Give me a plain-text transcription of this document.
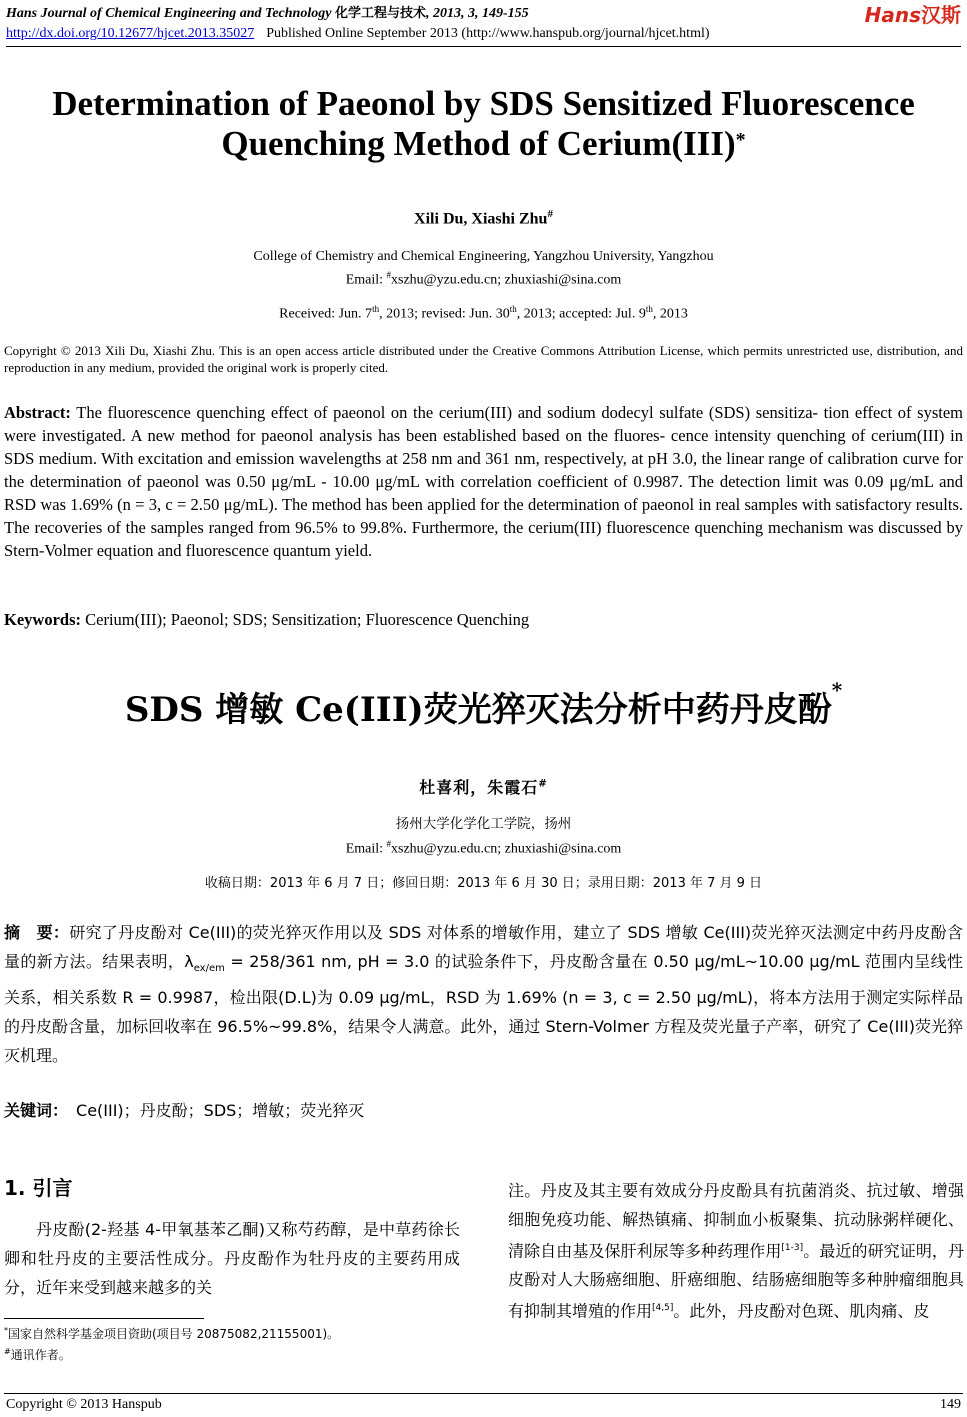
Hans Journal of Chemical Engineering and Technology 化学工程与技术, 2013, 3, 149-155	Hans汉斯
http://dx.doi.org/10.12677/hjcet.2013.35027 Published Online September 2013 (http://www.hanspub.org/journal/hjcet.html)
Determination of Paeonol by SDS Sensitized Fluorescence Quenching Method of Cerium(III)*
Xili Du, Xiashi Zhu#
College of Chemistry and Chemical Engineering, Yangzhou University, Yangzhou
Email: #xszhu@yzu.edu.cn; zhuxiashi@sina.com
Received: Jun. 7th, 2013; revised: Jun. 30th, 2013; accepted: Jul. 9th, 2013
Copyright © 2013 Xili Du, Xiashi Zhu. This is an open access article distributed under the Creative Commons Attribution License, which permits unrestricted use, distribution, and reproduction in any medium, provided the original work is properly cited.
Abstract: The fluorescence quenching effect of paeonol on the cerium(III) and sodium dodecyl sulfate (SDS) sensitiza- tion effect of system were investigated. A new method for paeonol analysis has been established based on the fluores- cence intensity quenching of cerium(III) in SDS medium. With excitation and emission wavelengths at 258 nm and 361 nm, respectively, at pH 3.0, the linear range of calibration curve for the determination of paeonol was 0.50 μg/mL - 10.00 μg/mL with correlation coefficient of 0.9987. The detection limit was 0.09 μg/mL and RSD was 1.69% (n = 3, c = 2.50 μg/mL). The method has been applied for the determination of paeonol in real samples with satisfactory results. The recoveries of the samples ranged from 96.5% to 99.8%. Furthermore, the cerium(III) fluorescence quenching mechanism was discussed by Stern-Volmer equation and fluorescence quantum yield.
Keywords: Cerium(III); Paeonol; SDS; Sensitization; Fluorescence Quenching
SDS 增敏 Ce(III)荧光猝灭法分析中药丹皮酚*
杜喜利，朱霞石#
扬州大学化学化工学院，扬州
Email: #xszhu@yzu.edu.cn; zhuxiashi@sina.com
收稿日期：2013 年 6 月 7 日；修回日期：2013 年 6 月 30 日；录用日期：2013 年 7 月 9 日
摘　要：研究了丹皮酚对 Ce(III)的荧光猝灭作用以及 SDS 对体系的增敏作用，建立了 SDS 增敏 Ce(III)荧光猝灭法测定中药丹皮酚含量的新方法。结果表明，$\lambda_{ex/em} = 258/361$ nm, pH = 3.0 的试验条件下，丹皮酚含量在 0.50 μg/mL~10.00 μg/mL 范围内呈线性关系，相关系数 R = 0.9987，检出限(D.L)为 0.09 μg/mL，RSD 为 1.69% (n = 3, c = 2.50 μg/mL)，将本方法用于测定实际样品的丹皮酚含量，加标回收率在 96.5%~99.8%，结果令人满意。此外，通过 Stern-Volmer 方程及荧光量子产率，研究了 Ce(III)荧光猝灭机理。
关键词：　Ce(III)；丹皮酚；SDS；增敏；荧光猝灭
1. 引言

丹皮酚(2-羟基 4-甲氧基苯乙酮)又称芍药醇，是中草药徐长卿和牡丹皮的主要活性成分。丹皮酚作为牡丹皮的主要药用成分，近年来受到越来越多的关

注。丹皮及其主要有效成分丹皮酚具有抗菌消炎、抗过敏、增强细胞免疫功能、解热镇痛、抑制血小板聚集、抗动脉粥样硬化、清除自由基及保肝利尿等多种药理作用[1-3]。最近的研究证明，丹皮酚对人大肠癌细胞、肝癌细胞、结肠癌细胞等多种肿瘤细胞具有抑制其增殖的作用[4,5]。此外，丹皮酚对色斑、肌肉痛、皮

*国家自然科学基金项目资助(项目号 20875082,21155001)。
#通讯作者。
Copyright © 2013 Hanspub	149
